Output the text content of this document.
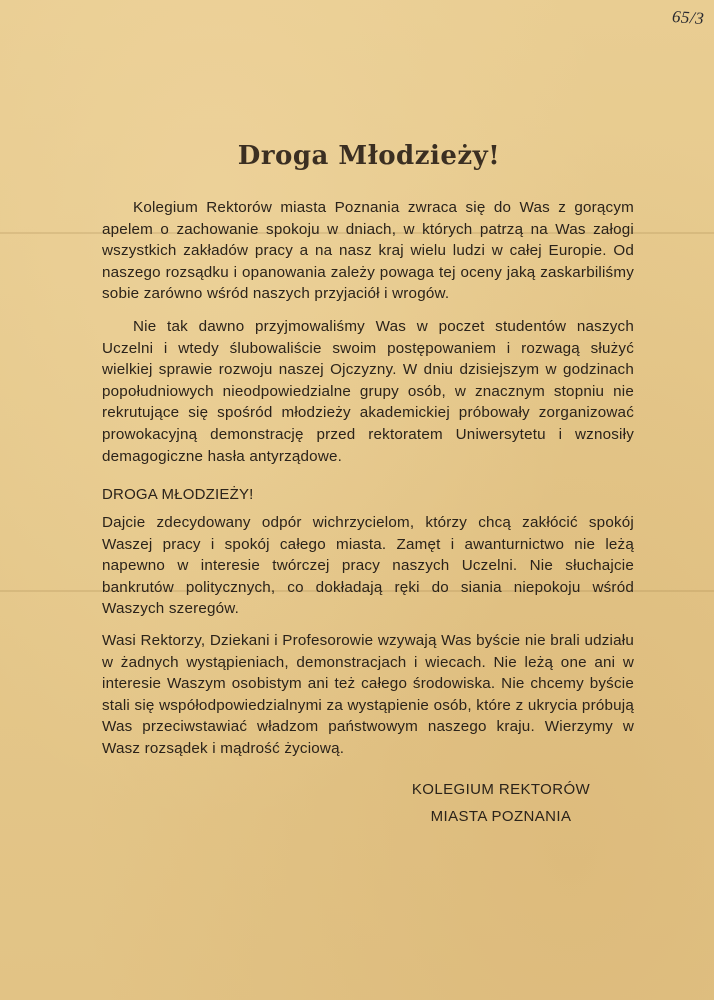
65/3
Droga Młodzieży!
Kolegium Rektorów miasta Poznania zwraca się do Was z gorącym apelem o zachowanie spokoju w dniach, w których patrzą na Was załogi wszystkich zakładów pracy a na nasz kraj wielu ludzi w całej Europie. Od naszego rozsądku i opanowania zależy powaga tej oceny jaką zaskarbiliśmy sobie zarówno wśród naszych przyjaciół i wrogów.
Nie tak dawno przyjmowaliśmy Was w poczet studentów naszych Uczelni i wtedy ślubowaliście swoim postępowaniem i rozwagą służyć wielkiej sprawie rozwoju naszej Ojczyzny. W dniu dzisiejszym w godzinach popołudniowych nieodpowiedzialne grupy osób, w znacznym stopniu nie rekrutujące się spośród młodzieży akademickiej próbowały zorganizować prowokacyjną demonstrację przed rektoratem Uniwersytetu i wznosiły demagogiczne hasła antyrządowe.
DROGA MŁODZIEŻY!
Dajcie zdecydowany odpór wichrzycielom, którzy chcą zakłócić spokój Waszej pracy i spokój całego miasta. Zamęt i awanturnictwo nie leżą napewno w interesie twórczej pracy naszych Uczelni. Nie słuchajcie bankrutów politycznych, co dokładają ręki do siania niepokoju wśród Waszych szeregów.
Wasi Rektorzy, Dziekani i Profesorowie wzywają Was byście nie brali udziału w żadnych wystąpieniach, demonstracjach i wiecach. Nie leżą one ani w interesie Waszym osobistym ani też całego środowiska. Nie chcemy byście stali się współodpowiedzialnymi za wystąpienie osób, które z ukrycia próbują Was przeciwstawiać władzom państwowym naszego kraju. Wierzymy w Wasz rozsądek i mądrość życiową.
KOLEGIUM REKTORÓW
MIASTA POZNANIA
